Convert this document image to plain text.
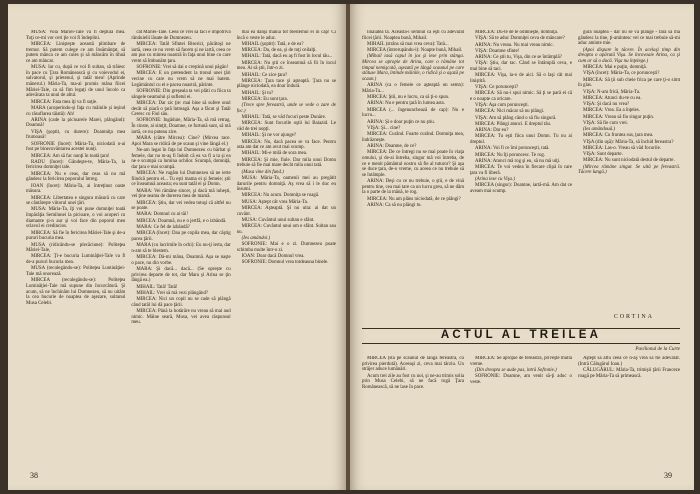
MUSA: Voia Măriei-Tale va fi deştula mea. Toţi ce-mi vor ceri ţie voi fi îndeplini.

MIRCEA: Linişteşte această plimbare de tremur. Să putem culege ce am însămânţat, să putem mânca ce am cules şi să mâncăm în tihnă ce am mâncat.

MUSA: Iar cu, după ce voi fi sultan, să trăiesc în pace cu Ţara Românească şi cu voievodul ei, salvatorul, şi prietenul, şi tatăl meu! (Aprinde mânerul.) Măria-Ta, ma-ai promis mâna fiicei Măriei-Tale, ca să fim legaţi de unul încolo ca adevărata ta unul de altul.

MIRCEA: Fata mea iţi va fi soţie.

MARA (acoperindu-şi faţa cu mâinile şi ieşind cu răsuflarea tăiată): Ah!

ARINA (cade la picioarele Marei, plângând): Doamnă!

VIŞA (şoptit, cu durere): Doamniţa mea frumoasă!

SOFRONIE (încet): Măria-Ta, niciodată n-ai fost pe binecuvântarea acestei nunţi.

MIRCEA: Am să fac nunţi în toată ţara!

RADU (încet): Gândeşte-te, Măria-Ta, la fericirea domniţei tale.

MIRCEA: Nu e ceas, dar ceas să nu mă gândesc la fericirea poporului întreg.

IOAN (încet): Măria-Ta, ai întreţinut oaste măsura.

MIRCEA: Libertatea e singura măsură cu care se cântăreşte viitorul unei ţări.

MUSA: Măria-Ta, îţi voi pune domniţei toată împărăţia Semilunei la picioare, o voi acoperi cu diamante şi-n aur şi voi face din poporul meu sclavul ei credincios.

MIRCEA: Să fie în fericirea Măriei-Tale şi de-a pururi bucuria mea.

MUSA (ridicându-se plecăciune): Politeţea Măriei-Tale,

MIRCEA: Ţi-e bucuria Luminăţiei-Tale va fi de-a pururi bucuria mea.

MUSA (reculegându-se): Politeţea Luminăţiei-Tale mă onorează.

MIRCEA (reculegându-se): Politeţea Luminăţiei-Tale mă supune din încurcătură. Şi acum, să ne închinăm lui Dumnezeu, să nu uităm la cea bucurie de noaptea de aşezare, sultanul Musa Celebi.

cât Măriei-Tale. Ceea ce vrei să faci e împotriva rânduielii lăsate de Dumnezeu.

MIRCEA: Tatăl Sfintei Biserici, păcătoşi ne iartă, ceea ce nu vrem să facem şi ne iartă, ceea ce am pus cu mintea noastră în faţa unui bine cu care vrem să îmbunăm ţara.

SOFRONIE: Vrei să dai o creştină unui păgân!

MIRCEA: E un pretendent la tronul unei ţări vecine cu care nu vrem să ne mai batem. Legământul cu el e pacea noastră, părinte.

SOFRONIE: Din greşeala ta vei plăti cu fiica ta sângele neamului şi sufletul ei.

MIRCEA: Dar zic ţie: mai bine să sufere unul decât să piară o ţară întreagă. Aşa a făcut şi Tatăl Ceresc cu Fiul său.

SOFRONIE: Ingăduie, Măria-Ta, să mă retrag. În cinste, ai simţit, Doamne, ce furtună sunt, să mă iartă, ce nu puteau zice.

MARA (către Mircea): Cine? (Mircea tace. Apoi Mara se ridică de pe scaun şi vine lângă el.)

Ne-am legat în faţa lui Dumnezeu cu bărbat şi femeie, dar nu m-aş fi îndoit că ea va fi a ta şi ea ne e scumpă ca lumina ochilor. Scumpă, domniţă, dar ţara e mai scumpă.

MIRCEA: Ne rugăm lui Dumnezeu să ne ierte fiindcă pentru el... Tu eşti mama ei şi femeie; ştii ce înseamnă aceasta; eu sunt tatăl ei şi Domn.

MARA: Vei rămâne sincer, şi dacă mă iubeşti, vei ţine seama de durerea mea de mamă.

MIRCEA: Ştiu, dar vei vedea totuşi că altfel nu se poate.

MARA: Domnul cu ai tăi!

MIRCEA: Doamnă, nu e o jertfă, e o izbândă.

MARA: Ce fel de izbândă?

MIRCEA (încet): Dau pe copila mea, dar câştig pacea ţării.

MARA (cu lacrimile în ochi): Eu nu-ţi ierta, dar n-am să te blestem.

MIRCEA: Dă-mi mâna, Doamnă. Aşa se naşte o pace, nu din vorbe.

MARA: Şi dacă... dacă... (Se opreşte cu privirea departe de tot, dar Mara şi Arina se ţin lângă ea.)

MIHAIL: Tată! Tată!

MIHAIL: Vrei să mă vezi plângând?

MIRCEA: Nici un copil nu se cade să plângă când tatăl lui dă pace ţării.

MIRCEA: Până la hotărâre nu vreau să mai aud nimic. Mâine seară, Musa, vei avea răspunsul meu.

mai ea dânşi mânia tot blestemul ei în cap! Ci încă o veste le aduc.

MIHAIL (şoptit): Tată, e de ea?

MIRCEA: Da, de ea, şi de toţi ceilalţi.

MIHAIL: Tată, dacă eu aş fi fost în locul tău...

MIRCEA: Nu ştii ce înseamnă să fii în locul meu. Ai să ştii, într-o zi.

MIHAIL: Ce zice ţara?

MIRCEA: Ţara tace şi aşteaptă. Ţara nu se plânge niciodată, ea doar îndură.

MIHAIL: Şi tu?

MIRCEA: Eu sunt ţara.

(Trece spre fereastră, unde se vede o zare de foc.)

MIHAIL: Tată, se văd focuri peste Dunăre.

MIRCEA: Sunt focurile oştii lui Baiazid. Le văd de trei nopţi.

MIHAIL: Şi ne vor ajunge?

MIRCEA: Nu, dacă pacea se va face. Pentru asta am dat ce am avut mai scump.

MIHAIL: Mi-e milă de sora mea.

MIRCEA: Şi mie, fiule. Dar mila unui Domn trebuie să fie mai mare decât mila unui tată.

(Musa vine din fund.)

MUSA: Măria-Ta, oamenii mei au pregătit darurile pentru domniţă. Aş vrea să i le duc eu însumi.

MIRCEA: Nu acum. Domniţa se roagă.

MUSA: Aştept cât vrea Măria-Ta.

MIRCEA: Aşteaptă. Şi nu uita: ai dat un cuvânt.

MUSA: Cuvântul unui sultan e sfânt.

MIRCEA: Cuvântul unui om e sfânt. Sultan sau nu.

(Ies amândoi.)

SOFRONIE: Mai e o zi. Dumnezeu poate schimba multe într-o zi.

IOAN: Doar dacă Domnul vrea.

SOFRONIE: Domnul vrea totdeauna binele.

38

linaiatea ta. Aceasta-i semnul că eşti cu adevărat fiicei ţării. Noaptea bună, Mihail.

MIHAIL (strâns să mai vrea ceva): Tată...

MIRCEA (întrerupându-l): Noapte bună, Mihail.

(Mihail iasă capul în jos şi iese prin stânga. Mircea se apropie de Arina, care o rămâne tot timpul nemişcată, aşezată pe lângă scaunul pe care stătuse Mara, întinde mâinile, o ridică şi o aşază pe scaun.)

ARINA (ca o femeie ce aşteaptă un semn): Măria-Ta...

MIRCEA: Ştii, nu e lucru, ca să ţi-o spun.

ARINA: Nu e pentru ţară în lumea asta.

MIRCEA (... îngenunchează de cap): Nu e lucru...

ARINA: Şi e doar puţin ce nu ştiu.

VIŞA: Şi... cine?

MIRCEA: Curând. Foarte curând. Domniţa mea, îndrăzneşte.

ARINA: Doamne, de ce?

MIRCEA: De ce întregi nu se mai poate în viaţa omului, şi de-ai întreba, singur mă voi întreba, de ce e menit pământul nostru să fie al tuturor? Şi aşa se duce ţara, de-o vreme, cu aceea ce nu trebuie să se întâmple.

ARINA: Deşi cu ce nu trebuie, o ştii, e de vină pentru tine, cea mai tare ca un lucru greu, să ne dăm la o parte de la mână, te rog.

MIRCEA: Nu am plâns niciodată, de ce plângi?

ARINA: Ca să nu plângi tu.

MIRCEA: Du-te de te odihneşte, domniţă.

VIŞA: Să te aduc Domniţei ceva de mâncare?

ARINA: Nu vreau. Nu mai vreau nimic.

VIŞA: Doamne sfinte!

ARINA: Ce ştii tu, Vişa, din ce se întâmplă?

VIŞA: Ştiu, dar tac. Când se întâmplă ceva, e mai bine să taci.

MIRCEA: Vişa, ia-o de aici. Să o laşi cât mai liniştită.

VIŞA: Ce porunceşti?

MIRCEA: Să nu-i spui nimic. Să ţi se pară ei că e o noapte ca oricare.

VIŞA: Aşa cum porunceşti.

MIRCEA: Nici măcar să nu plângi.

VIŞA: Am să plâng când o să fiu singură.

MIRCEA: Plângi atunci. E dreptul tău.

ARINA: Dar eu?

MIRCEA: Tu eşti fiica unui Domn. Tu nu ai dreptul.

ARINA: Voi fi ce îmi porunceşti, tată.

MIRCEA: Nu îţi poruncesc. Te rog.

ARINA: Atunci mă rog şi eu, să nu mă uiţi.

MIRCEA: Te voi vedea în fiecare clipă în care ţara va fi liberă.

(Arina iese cu Vişa.)

MIRCEA (singur): Doamne, iartă-mă. Am dat ce aveam mai scump.

gură noaptea - dar nu se va plânge - fără să mă gândesc la tine, ţi-amintesc vei ce mai trebuie să-mi aduc aminte mie.

(Apoi dispare în tăcere. În acelaşi timp din dreapta o apărută Vişa. Se încovoaie Arina, ca şi cum ar să o ducă. Vişa nu înţelege.)

MIRCEA: Mai e puţin, domniţă.

VIŞA (încet): Măria-Ta, ce porunceşti?

MIRCEA: Să ţii sub cheie frica pe care ţi-o simt în glas.

VIŞA: N-am frică, Măria-Ta.

MIRCEA: Atunci du-te cu ea.

VIŞA: Şi dacă nu vrea?

MIRCEA: Vrea. Ea a înţeles.

MIRCEA: Vreau să fiu singur puţin.

VIŞA: Să fie cum vrei.

(Ies amândouă.)

MIRCEA: Cu fruntea sus, ţara mea.

VIŞA (din uşă): Măria-Ta, să închid fereastra?

MIRCEA: Las-o. Vreau să văd focurile.

VIŞA: Sunt departe.

MIRCEA: Nu sunt niciodată destul de departe.

(Mircea rămâne singur. Se uită pe fereastră. Tăcere lungă.)

CORTINA
ACTUL AL TREILEA
Pavilionul de la Curte

MIRCEA (stă pe scaunul de lângă fereastră, cu privirea pierdută). Aceeaşi zi, ceva mai târziu. Un străjer aduce lumânări.

Acum trei zile au fost cu noi, şi ne-au trimis solia prin Musa Celebi, să ne facă rugă Ţara Românească, să ne lase în pace.

MIRCEA: Se apropie de fereastră, priveşte multă vreme.

(Din dreapta se aude pas, intră Sofronie.)

SOFRONIE: Doamne, am venit să-ţi aduc o veste.

Aştept să aflu ceea ce n-aş vrea să fie adevărat. (Intră Călugărul Ioan.)

CĂLUGĂRUL: Măria-Ta, trimişii ţării Franceze roagă pe Măria-Ta să primească.

39
